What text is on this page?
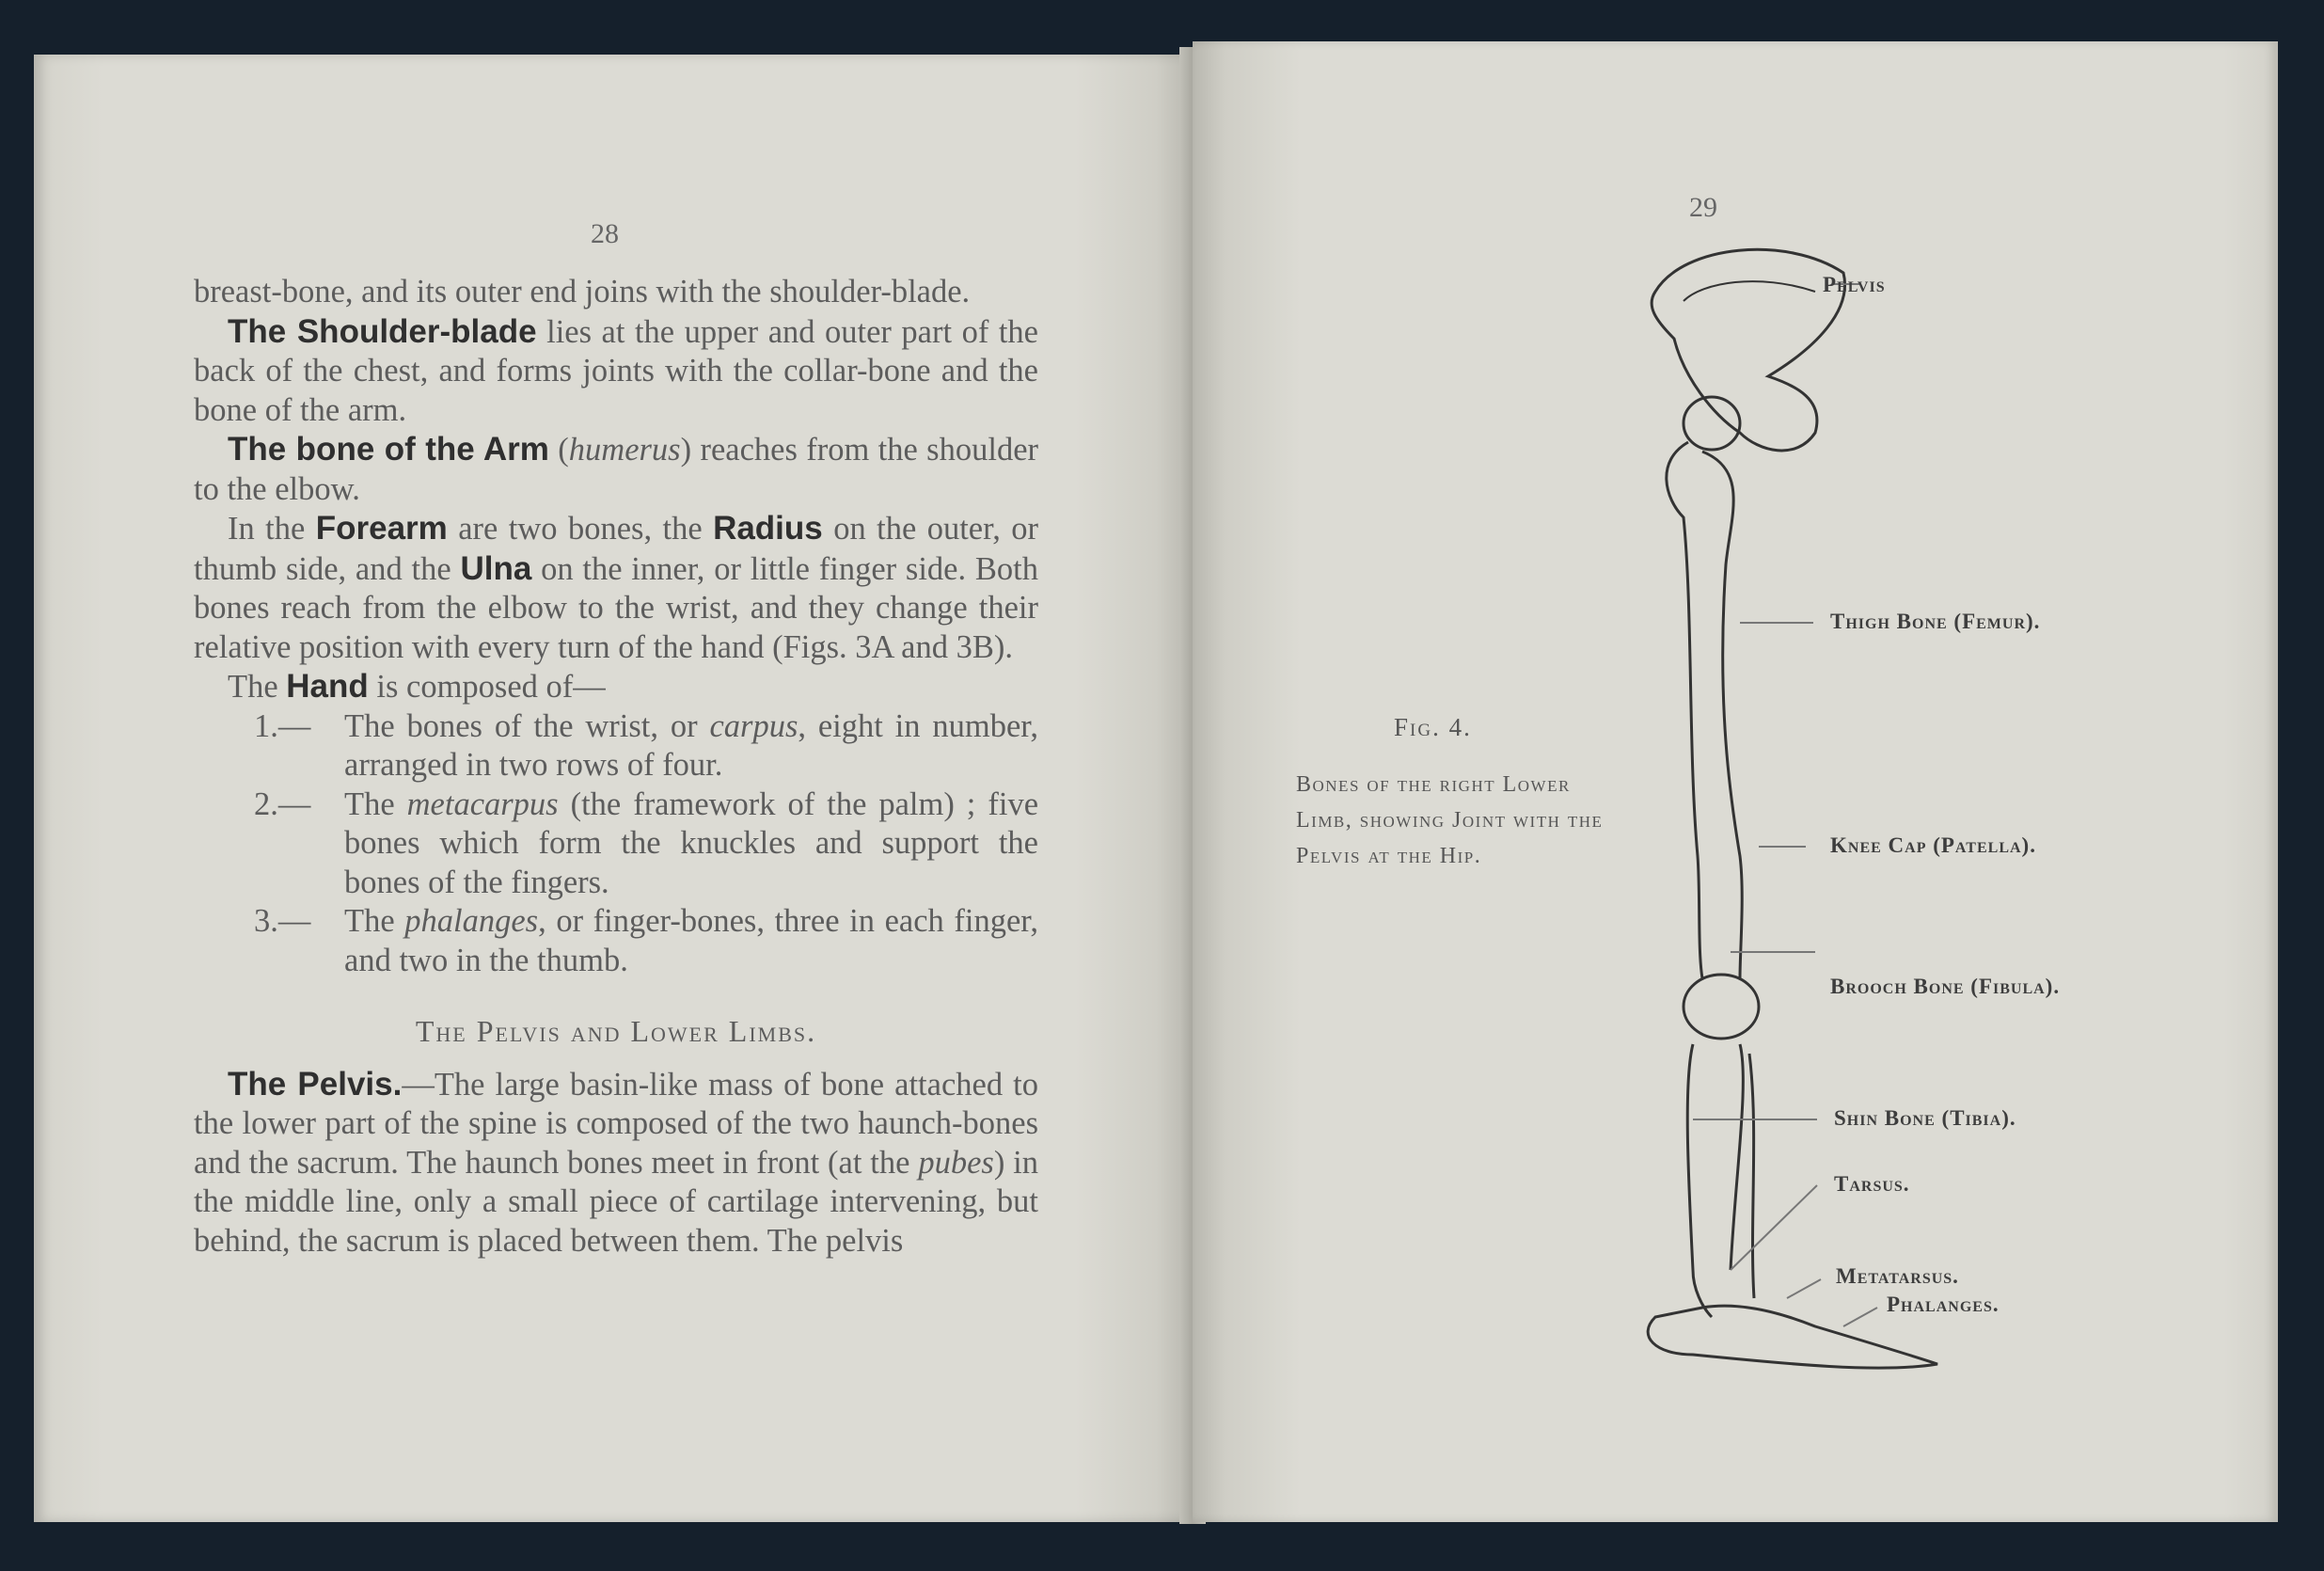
28
29

breast-bone, and its outer end joins with the shoulder-blade.

The Shoulder-blade lies at the upper and outer part of the back of the chest, and forms joints with the collar-bone and the bone of the arm.

The bone of the Arm (humerus) reaches from the shoulder to the elbow.

In the Forearm are two bones, the Radius on the outer, or thumb side, and the Ulna on the inner, or little finger side. Both bones reach from the elbow to the wrist, and they change their relative position with every turn of the hand (Figs. 3A and 3B).

The Hand is composed of—

1.— The bones of the wrist, or carpus, eight in number, arranged in two rows of four.

2.— The metacarpus (the framework of the palm) ; five bones which form the knuckles and support the bones of the fingers.

3.— The phalanges, or finger-bones, three in each finger, and two in the thumb.

The Pelvis and Lower Limbs.

The Pelvis.—The large basin-like mass of bone attached to the lower part of the spine is composed of the two haunch-bones and the sacrum. The haunch bones meet in front (at the pubes) in the middle line, only a small piece of cartilage intervening, but behind, the sacrum is placed between them. The pelvis

Fig. 4.
Bones of the right Lower Limb, showing Joint with the Pelvis at the Hip.
Pelvis
Thigh Bone (Femur).
Knee Cap (Patella).
Brooch Bone (Fibula).
Shin Bone (Tibia).
Tarsus.
Metatarsus.
Phalanges.
